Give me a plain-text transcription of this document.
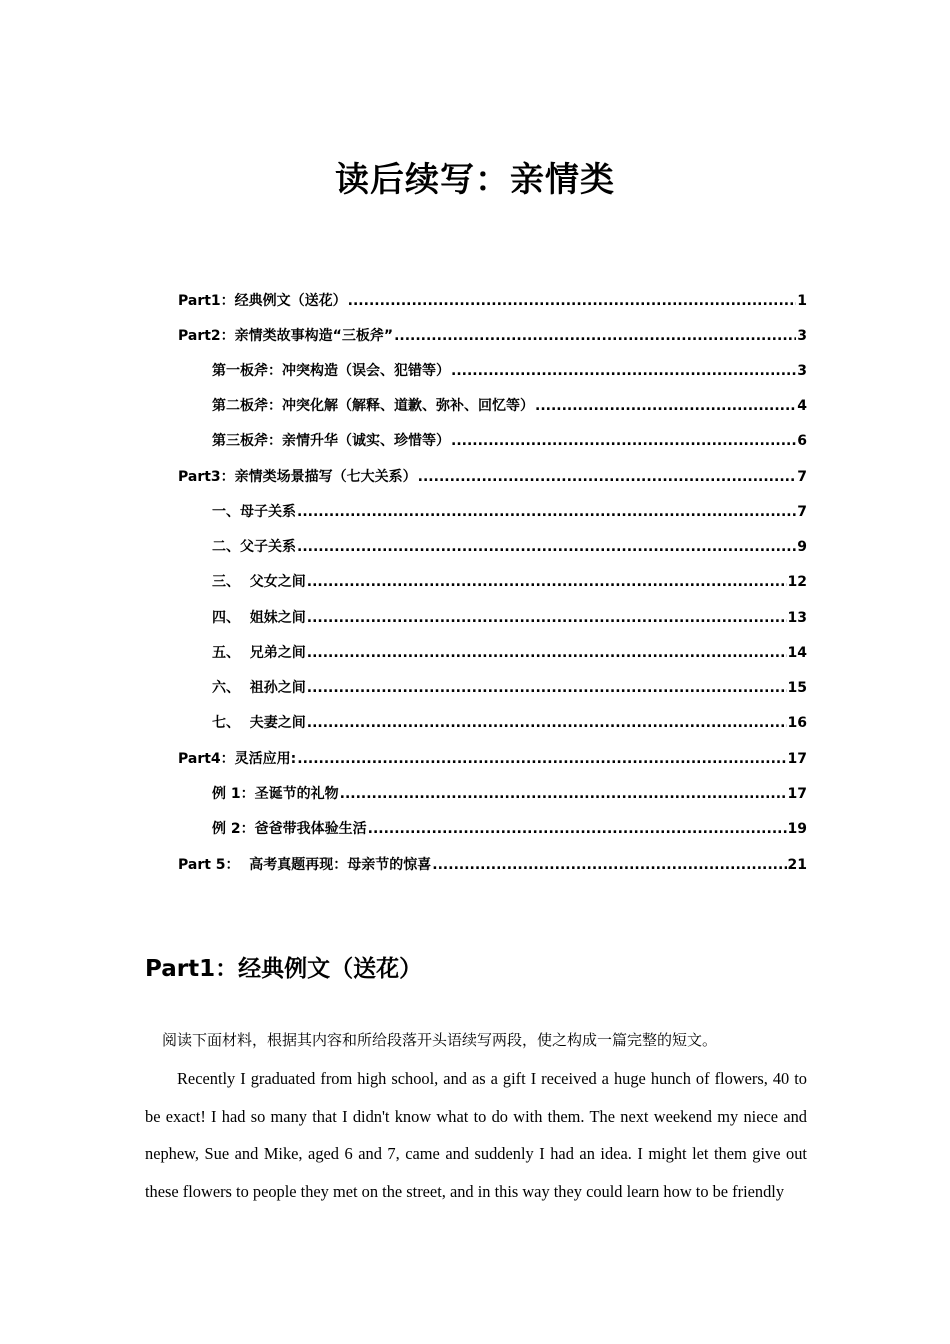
读后续写：亲情类
Part1：经典例文（送花） .....	1
Part2：亲情类故事构造“三板斧” .....	3
第一板斧：冲突构造（误会、犯错等） .....	3
第二板斧：冲突化解（解释、道歉、弥补、回忆等） .....	4
第三板斧：亲情升华（诚实、珍惜等） .....	6
Part3：亲情类场景描写（七大关系） .....	7
一、母子关系 .....	7
二、父子关系 .....	9
三、  父女之间 .....	12
四、  姐妹之间 .....	13
五、  兄弟之间 .....	14
六、  祖孙之间 .....	15
七、  夫妻之间 .....	16
Part4：灵活应用: .....	17
例 1：圣诞节的礼物 .....	17
例 2：爸爸带我体验生活 .....	19
Part 5：  高考真题再现：母亲节的惊喜 .....	21
Part1：经典例文（送花）
阅读下面材料，根据其内容和所给段落开头语续写两段，使之构成一篇完整的短文。

Recently I graduated from high school, and as a gift I received a huge hunch of flowers, 40 to be exact! I had so many that I didn't know what to do with them. The next weekend my niece and nephew, Sue and Mike, aged 6 and 7, came and suddenly I had an idea. I might let them give out these flowers to people they met on the street, and in this way they could learn how to be friendly
